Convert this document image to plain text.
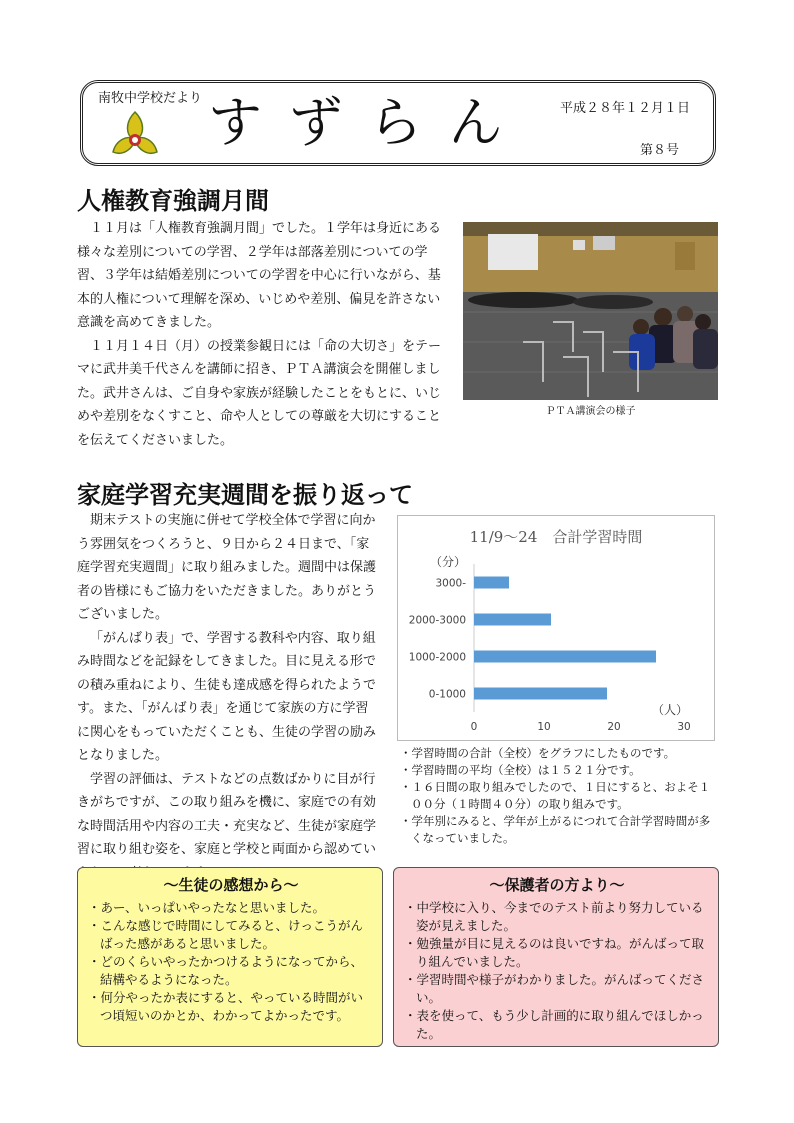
南牧中学校だより すずらん 平成２８年１２月１日
第８号
人権教育強調月間

１１月は「人権教育強調月間」でした。１学年は身近にある様々な差別についての学習、２学年は部落差別についての学習、３学年は結婚差別についての学習を中心に行いながら、基本的人権について理解を深め、いじめや差別、偏見を許さない意識を高めてきました。

１１月１４日（月）の授業参観日には「命の大切さ」をテーマに武井美千代さんを講師に招き、ＰＴＡ講演会を開催しました。武井さんは、ご自身や家族が経験したことをもとに、いじめや差別をなくすこと、命や人としての尊厳を大切にすることを伝えてくださいました。

ＰＴＡ講演会の様子
家庭学習充実週間を振り返って

期末テストの実施に併せて学校全体で学習に向かう雰囲気をつくろうと、９日から２４日まで、「家庭学習充実週間」に取り組みました。週間中は保護者の皆様にもご協力をいただきました。ありがとうございました。

「がんばり表」で、学習する教科や内容、取り組み時間などを記録をしてきました。目に見える形での積み重ねにより、生徒も達成感を得られたようです。また、「がんばり表」を通じて家族の方に学習に関心をもっていただくことも、生徒の学習の励みとなりました。

学習の評価は、テストなどの点数ばかりに目が行きがちですが、この取り組みを機に、家庭での有効な時間活用や内容の工夫・充実など、生徒が家庭学習に取り組む姿を、家庭と学校と両面から認めてい

11/9～24　合計学習時間
（分）
（人）
3000-
2000-3000
1000-2000
0-1000
0	10	20	30
・ 学習時間の合計（全校）をグラフにしたものです。
・ 学習時間の平均（全校）は１５２１分です。
・ １６日間の取り組みでしたので、１日にすると、およそ１００分（１時間４０分）の取り組みです。
・ 学年別にみると、学年が上がるにつれて合計学習時間が多くなっていました。
～生徒の感想から～
・ あー、いっぱいやったなと思いました。
・ こんな感じで時間にしてみると、けっこうがんばった感があると思いました。
・ どのくらいやったかつけるようになってから、結構やるようになった。
・ 何分やったか表にすると、やっている時間がいつ頃短いのかとか、わかってよかったです。
～保護者の方より～
・ 中学校に入り、今までのテスト前より努力している姿が見えました。
・ 勉強量が目に見えるのは良いですね。がんばって取り組んでいました。
・ 学習時間や様子がわかりました。がんばってください。
・ 表を使って、もう少し計画的に取り組んでほしかった。
